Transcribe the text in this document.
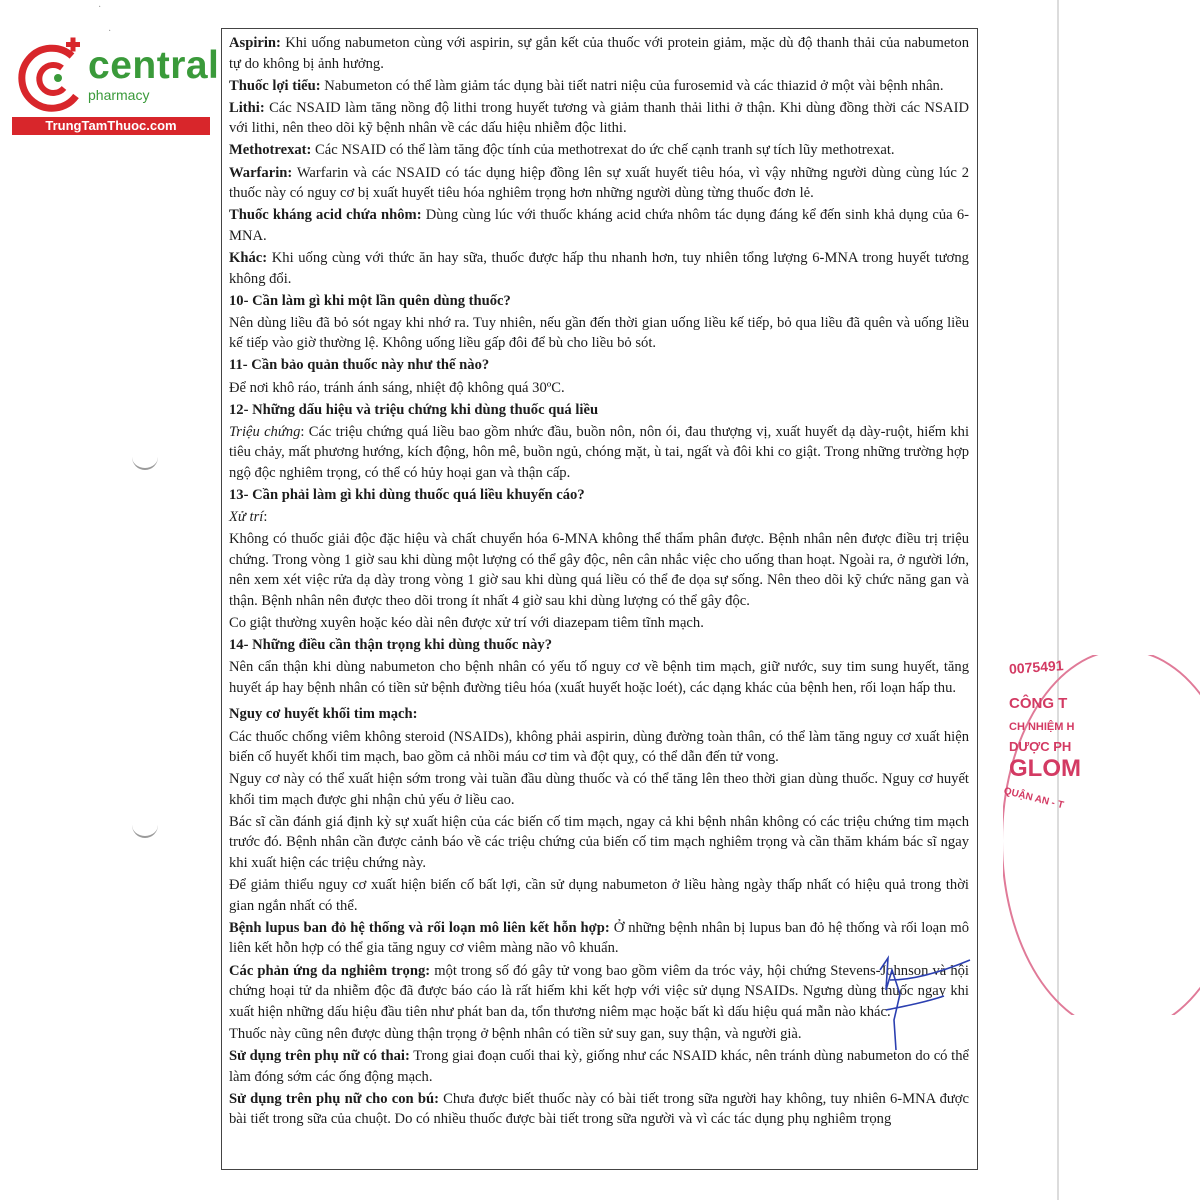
·
·
central
pharmacy
TrungTamThuoc.com

Aspirin: Khi uống nabumeton cùng với aspirin, sự gắn kết của thuốc với protein giảm, mặc dù độ thanh thải của nabumeton tự do không bị ảnh hưởng.

Thuốc lợi tiểu: Nabumeton có thể làm giảm tác dụng bài tiết natri niệu của furosemid và các thiazid ở một vài bệnh nhân.

Lithi: Các NSAID làm tăng nồng độ lithi trong huyết tương và giảm thanh thải lithi ở thận. Khi dùng đồng thời các NSAID với lithi, nên theo dõi kỹ bệnh nhân về các dấu hiệu nhiễm độc lithi.

Methotrexat: Các NSAID có thể làm tăng độc tính của methotrexat do ức chế cạnh tranh sự tích lũy methotrexat.

Warfarin: Warfarin và các NSAID có tác dụng hiệp đồng lên sự xuất huyết tiêu hóa, vì vậy những người dùng cùng lúc 2 thuốc này có nguy cơ bị xuất huyết tiêu hóa nghiêm trọng hơn những người dùng từng thuốc đơn lẻ.

Thuốc kháng acid chứa nhôm: Dùng cùng lúc với thuốc kháng acid chứa nhôm tác dụng đáng kể đến sinh khả dụng của 6-MNA.

Khác: Khi uống cùng với thức ăn hay sữa, thuốc được hấp thu nhanh hơn, tuy nhiên tổng lượng 6-MNA trong huyết tương không đổi.

10- Cần làm gì khi một lần quên dùng thuốc?

Nên dùng liều đã bỏ sót ngay khi nhớ ra. Tuy nhiên, nếu gần đến thời gian uống liều kế tiếp, bỏ qua liều đã quên và uống liều kế tiếp vào giờ thường lệ. Không uống liều gấp đôi để bù cho liều bỏ sót.

11- Cần bảo quản thuốc này như thế nào?

Để nơi khô ráo, tránh ánh sáng, nhiệt độ không quá 30ºC.

12- Những dấu hiệu và triệu chứng khi dùng thuốc quá liều

Triệu chứng: Các triệu chứng quá liều bao gồm nhức đầu, buồn nôn, nôn ói, đau thượng vị, xuất huyết dạ dày-ruột, hiếm khi tiêu chảy, mất phương hướng, kích động, hôn mê, buồn ngủ, chóng mặt, ù tai, ngất và đôi khi co giật. Trong những trường hợp ngộ độc nghiêm trọng, có thể có hủy hoại gan và thận cấp.

13- Cần phải làm gì khi dùng thuốc quá liều khuyến cáo?

Xử trí:

Không có thuốc giải độc đặc hiệu và chất chuyển hóa 6-MNA không thể thẩm phân được. Bệnh nhân nên được điều trị triệu chứng. Trong vòng 1 giờ sau khi dùng một lượng có thể gây độc, nên cân nhắc việc cho uống than hoạt. Ngoài ra, ở người lớn, nên xem xét việc rửa dạ dày trong vòng 1 giờ sau khi dùng quá liều có thể đe dọa sự sống. Nên theo dõi kỹ chức năng gan và thận. Bệnh nhân nên được theo dõi trong ít nhất 4 giờ sau khi dùng lượng có thể gây độc.

Co giật thường xuyên hoặc kéo dài nên được xử trí với diazepam tiêm tĩnh mạch.

14- Những điều cần thận trọng khi dùng thuốc này?

Nên cẩn thận khi dùng nabumeton cho bệnh nhân có yếu tố nguy cơ về bệnh tim mạch, giữ nước, suy tim sung huyết, tăng huyết áp hay bệnh nhân có tiền sử bệnh đường tiêu hóa (xuất huyết hoặc loét), các dạng khác của bệnh hen, rối loạn hấp thu.

Nguy cơ huyết khối tim mạch:

Các thuốc chống viêm không steroid (NSAIDs), không phải aspirin, dùng đường toàn thân, có thể làm tăng nguy cơ xuất hiện biến cố huyết khối tim mạch, bao gồm cả nhồi máu cơ tim và đột quỵ, có thể dẫn đến tử vong.

Nguy cơ này có thể xuất hiện sớm trong vài tuần đầu dùng thuốc và có thể tăng lên theo thời gian dùng thuốc. Nguy cơ huyết khối tim mạch được ghi nhận chủ yếu ở liều cao.

Bác sĩ cần đánh giá định kỳ sự xuất hiện của các biến cố tim mạch, ngay cả khi bệnh nhân không có các triệu chứng tim mạch trước đó. Bệnh nhân cần được cảnh báo về các triệu chứng của biến cố tim mạch nghiêm trọng và cần thăm khám bác sĩ ngay khi xuất hiện các triệu chứng này.

Để giảm thiểu nguy cơ xuất hiện biến cố bất lợi, cần sử dụng nabumeton ở liều hàng ngày thấp nhất có hiệu quả trong thời gian ngắn nhất có thể.

Bệnh lupus ban đỏ hệ thống và rối loạn mô liên kết hỗn hợp: Ở những bệnh nhân bị lupus ban đỏ hệ thống và rối loạn mô liên kết hỗn hợp có thể gia tăng nguy cơ viêm màng não vô khuẩn.

Các phản ứng da nghiêm trọng: một trong số đó gây tử vong bao gồm viêm da tróc vảy, hội chứng Stevens-Johnson và hội chứng hoại tử da nhiễm độc đã được báo cáo là rất hiếm khi kết hợp với việc sử dụng NSAIDs. Ngưng dùng thuốc ngay khi xuất hiện những dấu hiệu đầu tiên như phát ban da, tổn thương niêm mạc hoặc bất kì dấu hiệu quá mẫn nào khác.

Thuốc này cũng nên được dùng thận trọng ở bệnh nhân có tiền sử suy gan, suy thận, và người già.

Sử dụng trên phụ nữ có thai: Trong giai đoạn cuối thai kỳ, giống như các NSAID khác, nên tránh dùng nabumeton do có thể làm đóng sớm các ống động mạch.

Sử dụng trên phụ nữ cho con bú: Chưa được biết thuốc này có bài tiết trong sữa người hay không, tuy nhiên 6-MNA được bài tiết trong sữa của chuột. Do có nhiều thuốc được bài tiết trong sữa người và vì các tác dụng phụ nghiêm trọng

0075491
CÔNG T
CH NHIỆM H
DƯỢC PH
GLOM
QUẬN AN - T
